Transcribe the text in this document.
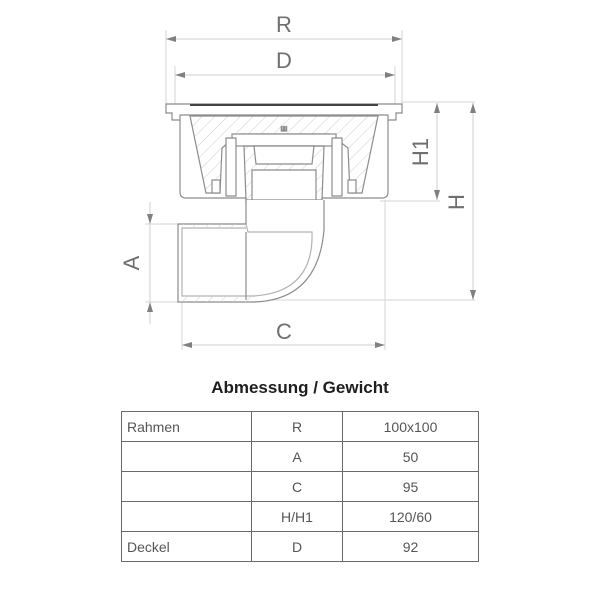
R
D
C
A
H1
H
ш
Abmessung / Gewicht
Rahmen	R	100x100
	A	50
	C	95
	H/H1	120/60
Deckel	D	92
